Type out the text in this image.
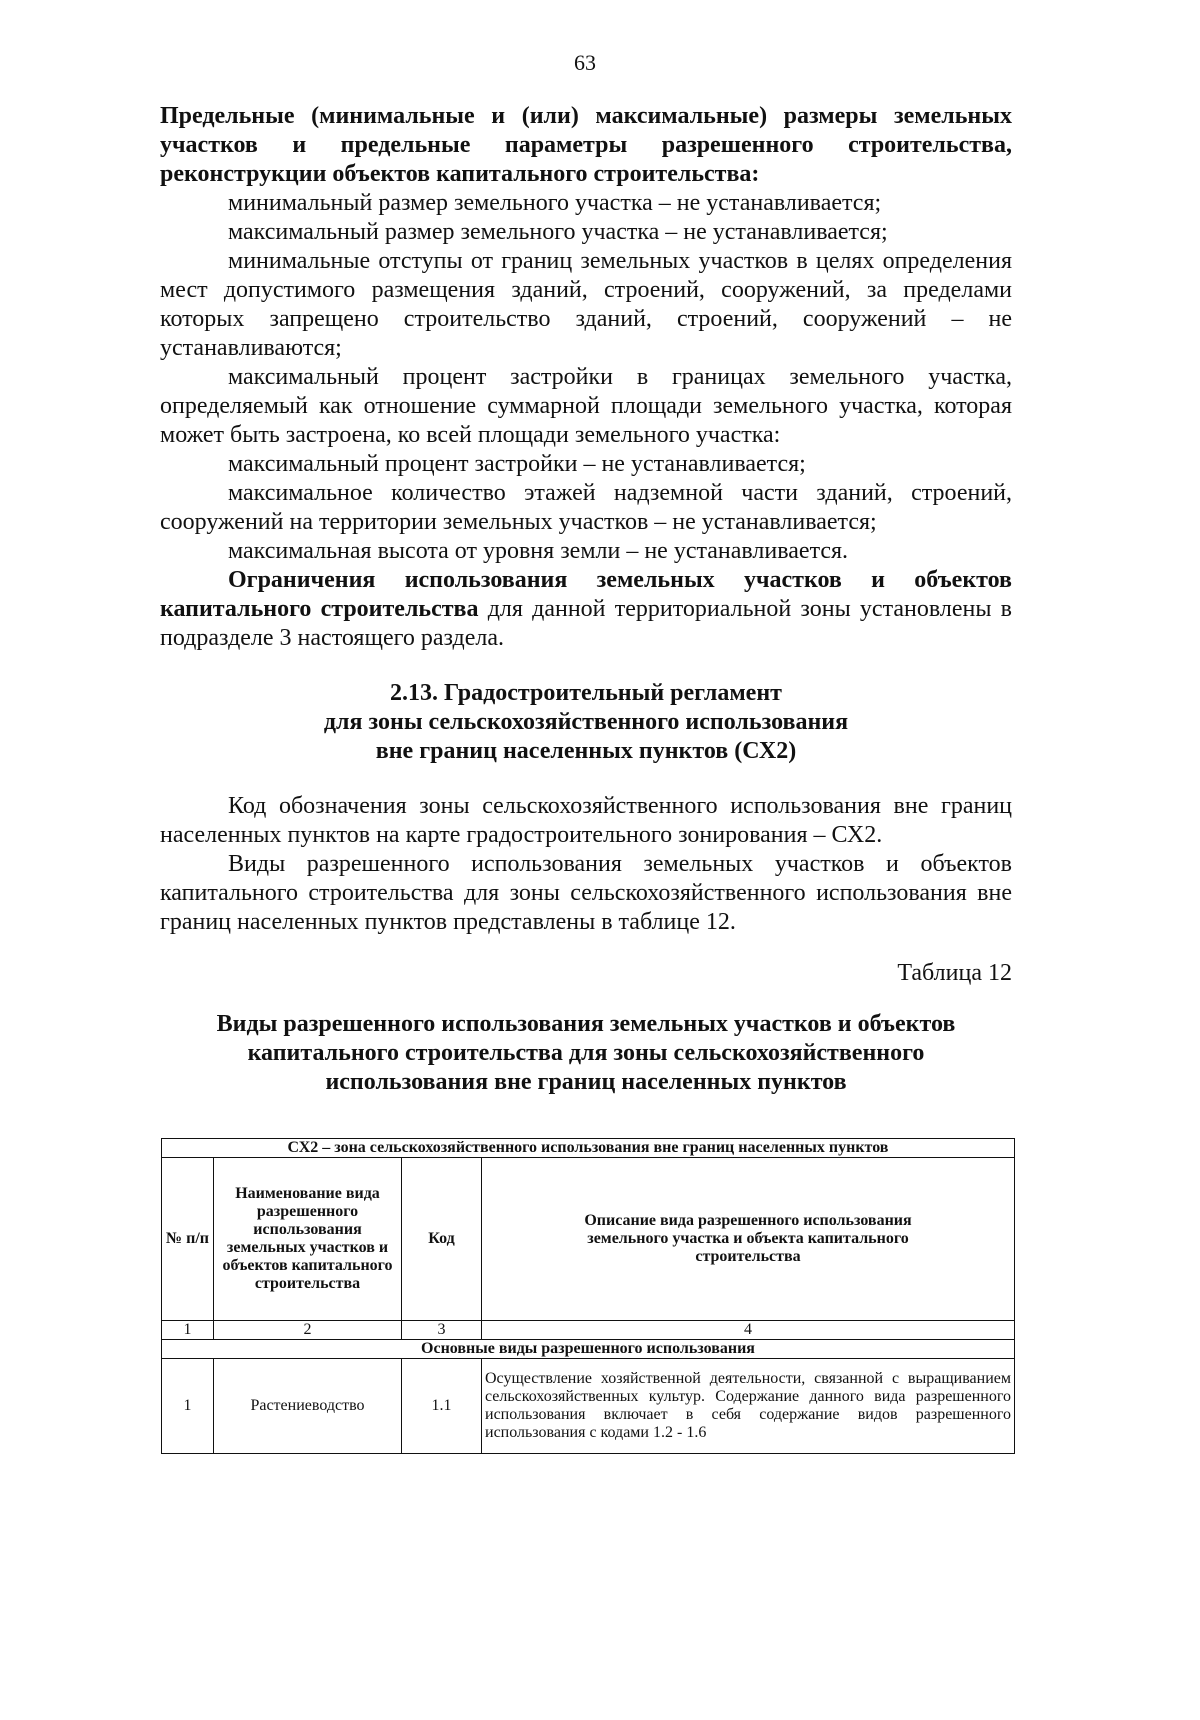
63

Предельные (минимальные и (или) максимальные) размеры земельных участков и предельные параметры разрешенного строительства, реконструкции объектов капитального строительства:

минимальный размер земельного участка – не устанавливается;

максимальный размер земельного участка – не устанавливается;

минимальные отступы от границ земельных участков в целях определения мест допустимого размещения зданий, строений, сооружений, за пределами которых запрещено строительство зданий, строений, сооружений – не устанавливаются;

максимальный процент застройки в границах земельного участка, определяемый как отношение суммарной площади земельного участка, которая может быть застроена, ко всей площади земельного участка:

максимальный процент застройки – не устанавливается;

максимальное количество этажей надземной части зданий, строений, сооружений на территории земельных участков – не устанавливается;

максимальная высота от уровня земли – не устанавливается.

Ограничения использования земельных участков и объектов капитального строительства для данной территориальной зоны установлены в подразделе 3 настоящего раздела.

2.13. Градостроительный регламент

для зоны сельскохозяйственного использования

вне границ населенных пунктов (СХ2)

Код обозначения зоны сельскохозяйственного использования вне границ населенных пунктов на карте градостроительного зонирования – СХ2.

Виды разрешенного использования земельных участков и объектов капитального строительства для зоны сельскохозяйственного использования вне границ населенных пунктов представлены в таблице 12.

Таблица 12

Виды разрешенного использования земельных участков и объектов

капитального строительства для зоны сельскохозяйственного

использования вне границ населенных пунктов

СХ2 – зона сельскохозяйственного использования вне границ населенных пунктов			
№ п/п	Наименование вида разрешенного использования земельных участков и объектов капитального строительства	Код	Описание вида разрешенного использования земельного участка и объекта капитального строительства
1	2	3	4
Основные виды разрешенного использования			
1	Растениеводство	1.1	Осуществление хозяйственной деятельности, связанной с выращиванием сельскохозяйственных культур. Содержание данного вида разрешенного использования включает в себя содержание видов разрешенного использования с кодами 1.2 - 1.6
